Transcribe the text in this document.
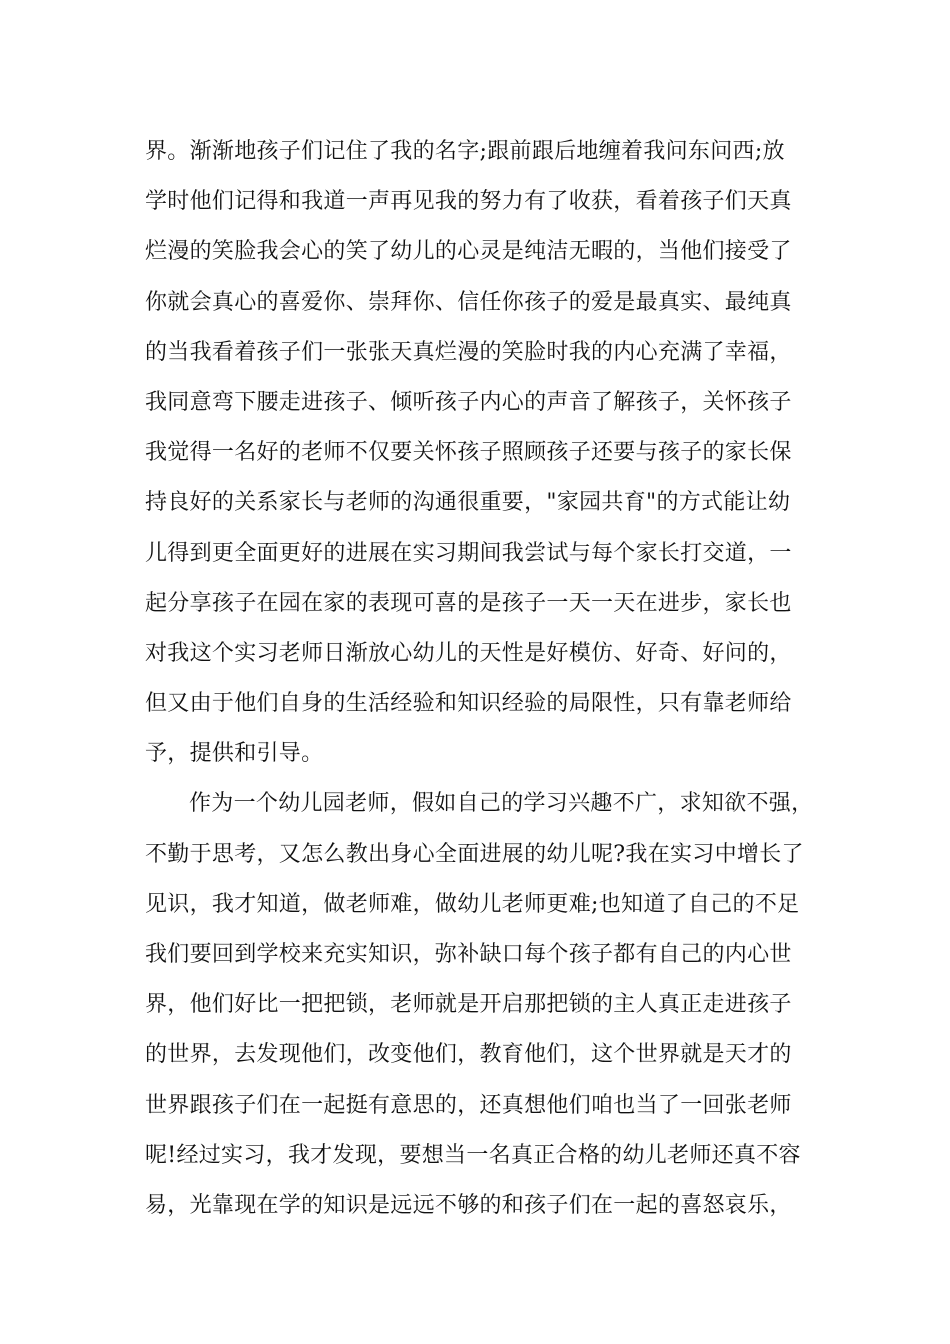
界。渐渐地孩子们记住了我的名字;跟前跟后地缠着我问东问西;放
学时他们记得和我道一声再见我的努力有了收获，看着孩子们天真
烂漫的笑脸我会心的笑了幼儿的心灵是纯洁无暇的，当他们接受了
你就会真心的喜爱你、崇拜你、信任你孩子的爱是最真实、最纯真
的当我看着孩子们一张张天真烂漫的笑脸时我的内心充满了幸福，
我同意弯下腰走进孩子、倾听孩子内心的声音了解孩子，关怀孩子
我觉得一名好的老师不仅要关怀孩子照顾孩子还要与孩子的家长保
持良好的关系家长与老师的沟通很重要，"家园共育"的方式能让幼
儿得到更全面更好的进展在实习期间我尝试与每个家长打交道，一
起分享孩子在园在家的表现可喜的是孩子一天一天在进步，家长也
对我这个实习老师日渐放心幼儿的天性是好模仿、好奇、好问的，
但又由于他们自身的生活经验和知识经验的局限性，只有靠老师给
予，提供和引导。
作为一个幼儿园老师，假如自己的学习兴趣不广，求知欲不强，
不勤于思考，又怎么教出身心全面进展的幼儿呢?我在实习中增长了
见识，我才知道，做老师难，做幼儿老师更难;也知道了自己的不足
我们要回到学校来充实知识，弥补缺口每个孩子都有自己的内心世
界，他们好比一把把锁，老师就是开启那把锁的主人真正走进孩子
的世界，去发现他们，改变他们，教育他们，这个世界就是天才的
世界跟孩子们在一起挺有意思的，还真想他们咱也当了一回张老师
呢!经过实习，我才发现，要想当一名真正合格的幼儿老师还真不容
易，光靠现在学的知识是远远不够的和孩子们在一起的喜怒哀乐，
